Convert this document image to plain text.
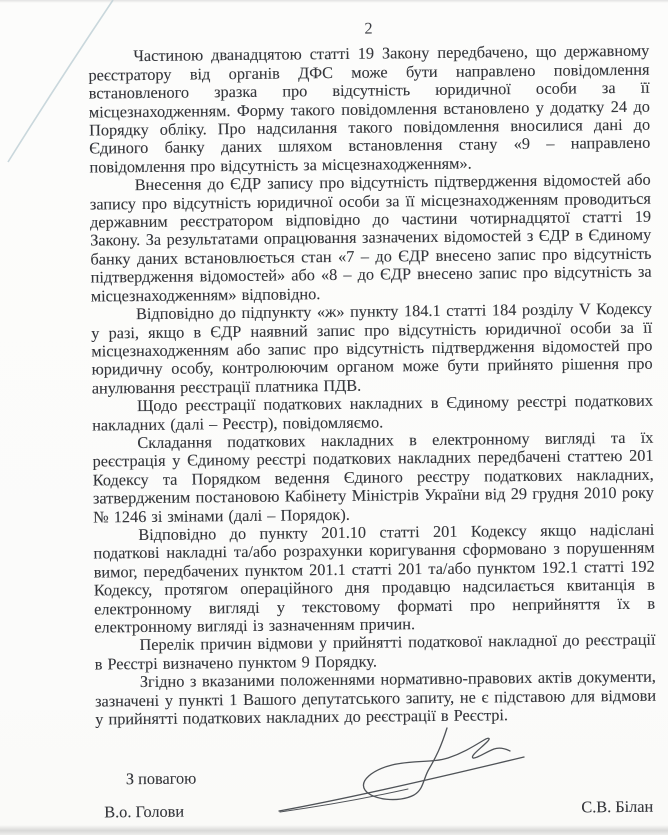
2

Частиною дванадцятою статті 19 Закону передбачено, що державному реєстратору від органів ДФС може бути направлено повідомлення встановленого зразка про відсутність юридичної особи за її місцезнаходженням. Форму такого повідомлення встановлено у додатку 24 до Порядку обліку. Про надсилання такого повідомлення вносилися дані до Єдиного банку даних шляхом встановлення стану «9 – направлено повідомлення про відсутність за місцезнаходженням».

Внесення до ЄДР запису про відсутність підтвердження відомостей або запису про відсутність юридичної особи за її місцезнаходженням проводиться державним реєстратором відповідно до частини чотирнадцятої статті 19 Закону. За результатами опрацювання зазначених відомостей з ЄДР в Єдиному банку даних встановлюється стан «7 – до ЄДР внесено запис про відсутність підтвердження відомостей» або «8 – до ЄДР внесено запис про відсутність за місцезнаходженням» відповідно.

Відповідно до підпункту «ж» пункту 184.1 статті 184 розділу V Кодексу у разі, якщо в ЄДР наявний запис про відсутність юридичної особи за її місцезнаходженням або запис про відсутність підтвердження відомостей про юридичну особу, контролюючим органом може бути прийнято рішення про анулювання реєстрації платника ПДВ.

Щодо реєстрації податкових накладних в Єдиному реєстрі податкових накладних (далі – Реєстр), повідомляємо.

Складання податкових накладних в електронному вигляді та їх реєстрація у Єдиному реєстрі податкових накладних передбачені статтею 201 Кодексу та Порядком ведення Єдиного реєстру податкових накладних, затвердженим постановою Кабінету Міністрів України від 29 грудня 2010 року № 1246 зі змінами (далі – Порядок).

Відповідно до пункту 201.10 статті 201 Кодексу якщо надіслані податкові накладні та/або розрахунки коригування сформовано з порушенням вимог, передбачених пунктом 201.1 статті 201 та/або пунктом 192.1 статті 192 Кодексу, протягом операційного дня продавцю надсилається квитанція в електронному вигляді у текстовому форматі про неприйняття їх в електронному вигляді із зазначенням причин.

Перелік причин відмови у прийнятті податкової накладної до реєстрації в Реєстрі визначено пунктом 9 Порядку.

Згідно з вказаними положеннями нормативно-правових актів документи, зазначені у пункті 1 Вашого депутатського запиту, не є підставою для відмови у прийнятті податкових накладних до реєстрації в Реєстрі.

З повагою
В.о. Голови	С.В. Білан
